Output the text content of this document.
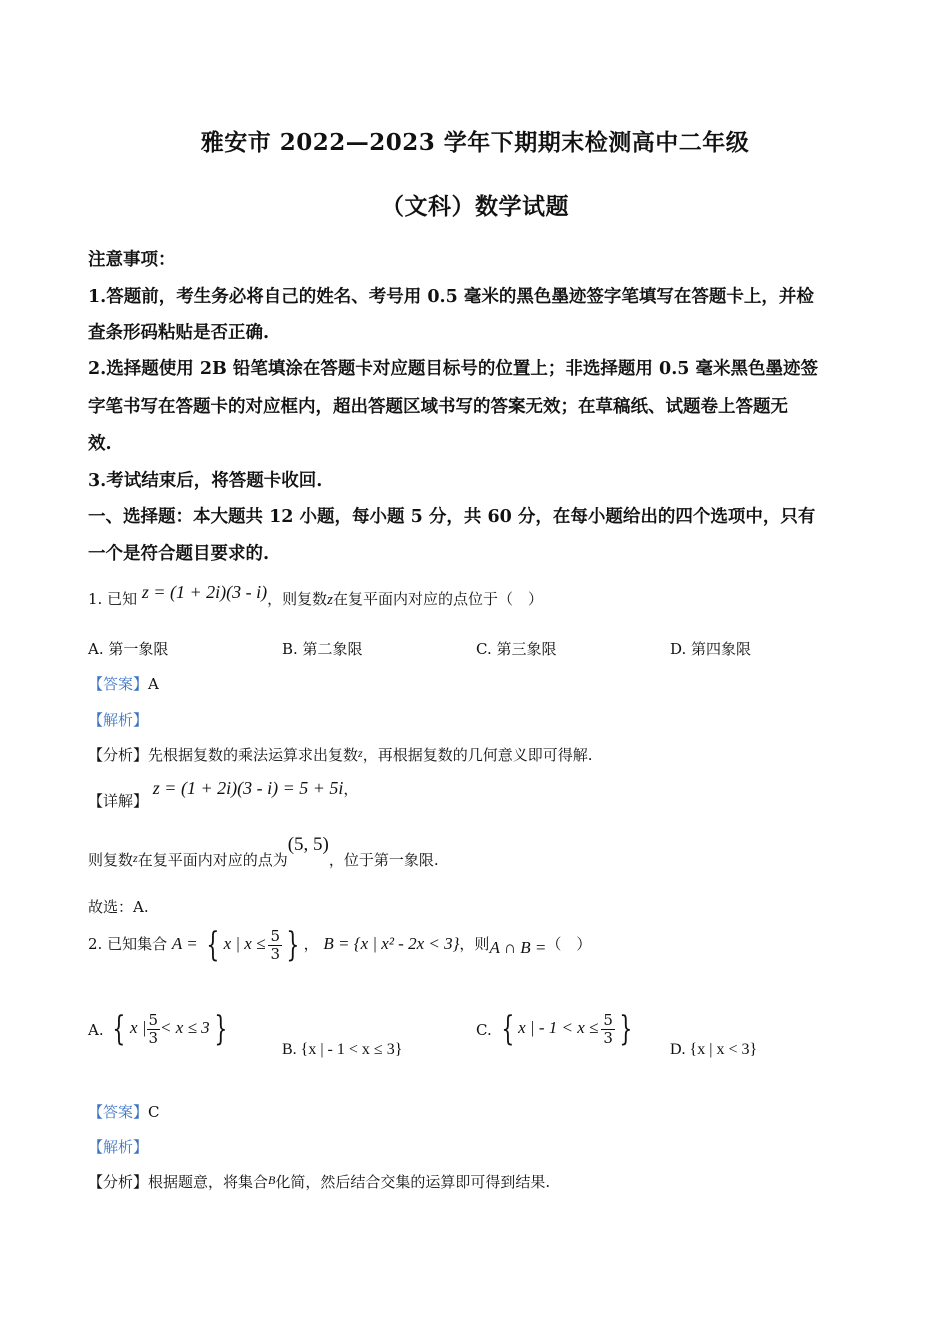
雅安市 2022—2023 学年下期期末检测高中二年级
（文科）数学试题
注意事项：
1.答题前，考生务必将自己的姓名、考号用 0.5 毫米的黑色墨迹签字笔填写在答题卡上，并检
查条形码粘贴是否正确.
2.选择题使用 2B 铅笔填涂在答题卡对应题目标号的位置上；非选择题用 0.5 毫米黑色墨迹签
字笔书写在答题卡的对应框内，超出答题区域书写的答案无效；在草稿纸、试题卷上答题无
效.
3.考试结束后，将答题卡收回.
一、选择题：本大题共 12 小题，每小题 5 分，共 60 分，在每小题给出的四个选项中，只有
一个是符合题目要求的.
1. 已知 z = (1 + 2i)(3 - i)，则复数z在复平面内对应的点位于（　）
A. 第一象限	B. 第二象限	C. 第三象限	D. 第四象限
【答案】A
【解析】
【分析】先根据复数的乘法运算求出复数$^z$，再根据复数的几何意义即可得解.
【详解】 z = (1 + 2i)(3 - i) = 5 + 5i，
则复数$_z$在复平面内对应的点为(5, 5)，位于第一象限.
故选：A.
2. 已知集合 A = { x | $x \le \frac{5}{3}$ } ， B = {x | x² - 2x < 3}，则A ∩ B =（　）
A. { x | $\frac{5}{3} < x \le 3$ }
B. {x | - 1 < x ≤ 3}
C. { x | - $1 < x \le \frac{5}{3}$ }
D. {x | x < 3}
【答案】C
【解析】
【分析】根据题意，将集合$^B$化简，然后结合交集的运算即可得到结果.
